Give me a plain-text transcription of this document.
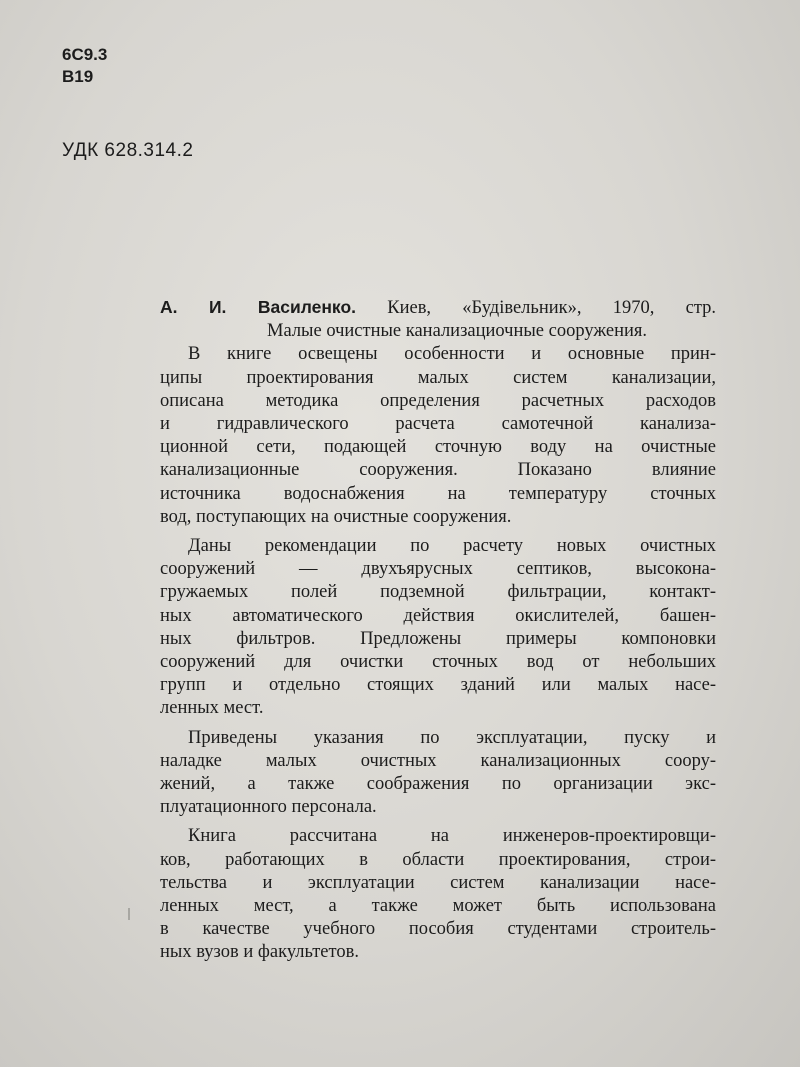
6С9.3
В19
УДК 628.314.2
А. И. Василенко. Киев, «Будівельник», 1970, стр.
Малые очистные канализациочные сооружения.
В книге освещены особенности и основные прин-
ципы проектирования малых систем канализации,
описана методика определения расчетных расходов
и гидравлического расчета самотечной канализа-
ционной сети, подающей сточную воду на очистные
канализационные сооружения. Показано влияние
источника водоснабжения на температуру сточных
вод, поступающих на очистные сооружения.
Даны рекомендации по расчету новых очистных
сооружений — двухъярусных септиков, высоконa-
гружаемых полей подземной фильтрации, контакт-
ных автоматического действия окислителей, башен-
ных фильтров. Предложены примеры компоновки
сооружений для очистки сточных вод от небольших
групп и отдельно стоящих зданий или малых насе-
ленных мест.
Приведены указания по эксплуатации, пуску и
наладке малых очистных канализационных соору-
жений, а также соображения по организации экс-
плуатационного персонала.
Книга рассчитана на инженеров-проектировщи-
ков, работающих в области проектирования, строи-
тельства и эксплуатации систем канализации насе-
ленных мест, а также может быть использована
в качестве учебного пособия студентами строитель-
ных вузов и факультетов.
